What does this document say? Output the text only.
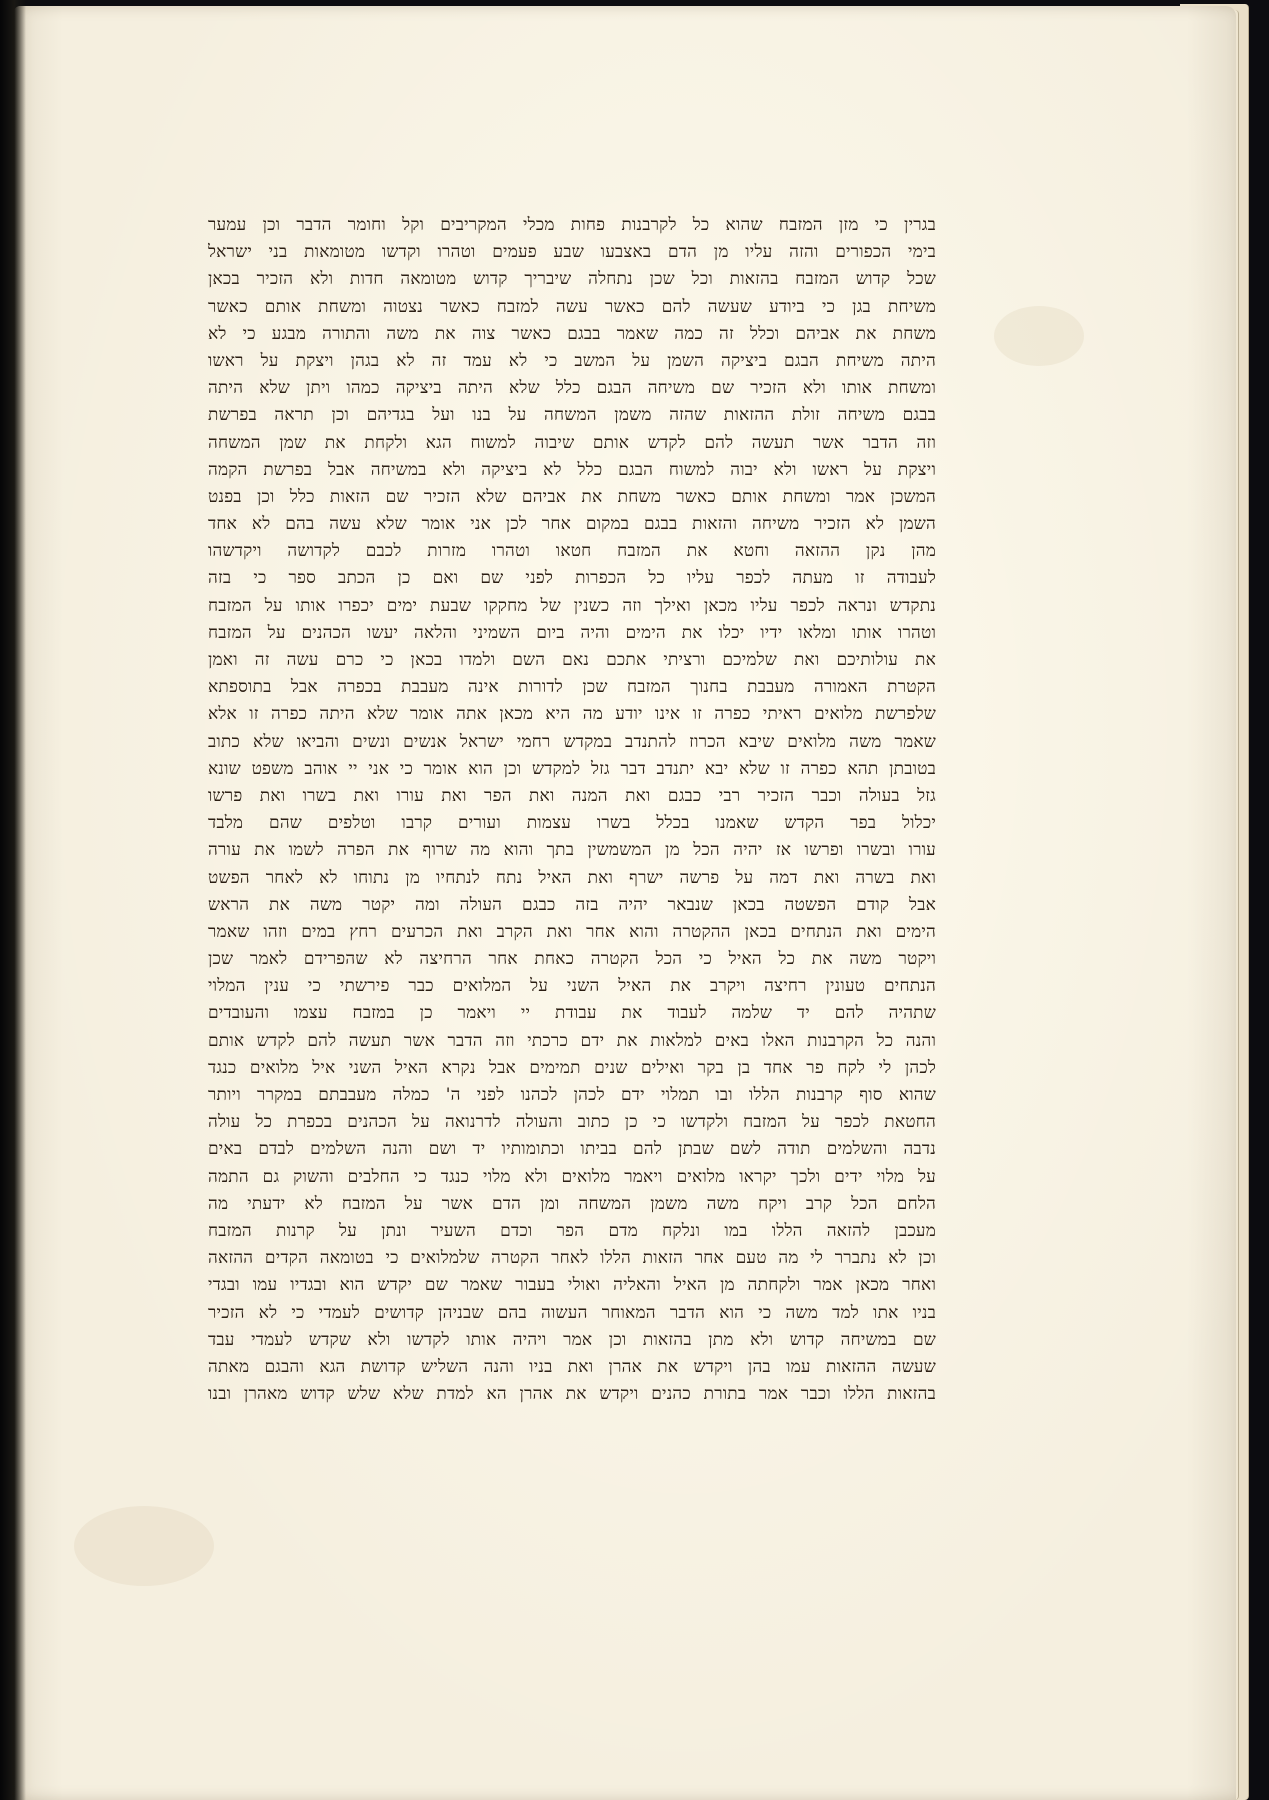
בגרין כי מזן המזבח שהוא כל לקרבנות פחות מכלי המקריבים וקל וחומר הדבר וכן עמער
בימי הכפורים והזה עליו מן הדם באצבעו שבע פעמים וטהרו וקדשו מטומאות בני ישראל
שכל קדוש המזבח בהזאות וכל שכן נתחלה שיבריך קדוש מטומאה חדות ולא הזכיר בכאן
משיחת בגן כי ביודע שעשה להם כאשר עשה למזבח כאשר נצטוה ומשחת אותם כאשר
משחת את אביהם וכלל זה כמה שאמר בבגם כאשר צוה את משה והתורה מבגע כי לא
היתה משיחת הבגם ביציקה השמן על המשב כי לא עמד זה לא בגהן ויצקת על ראשו
ומשחת אותו ולא הזכיר שם משיחה הבגם כלל שלא היתה ביציקה כמהו ויתן שלא היתה
בבגם משיחה זולת ההזאות שהזה משמן המשחה על בנו ועל בגדיהם וכן תראה בפרשת
וזה הדבר אשר תעשה להם לקדש אותם שיבוה למשוח הגא ולקחת את שמן המשחה
ויצקת על ראשו ולא יבוה למשוח הבגם כלל לא ביציקה ולא במשיחה אבל בפרשת הקמה
המשכן אמר ומשחת אותם כאשר משחת את אביהם שלא הזכיר שם הזאות כלל וכן בפנט
השמן לא הזכיר משיחה והזאות בבגם במקום אחר לכן אני אומר שלא עשה בהם לא אחד
מהן נקן ההזאה וחטא את המזבח חטאו וטהרו מזרות לכבם לקדושה ויקדשהו
לעבודה זו מעתה לכפר עליו כל הכפרות לפני שם ואם כן הכתב ספר כי בזה
נתקדש ונראה לכפר עליו מכאן ואילך וזה כשנין של מחקקו שבעת ימים יכפרו אותו על המזבח
וטהרו אותו ומלאו ידיו יכלו את הימים והיה ביום השמיני והלאה יעשו הכהנים על המזבח
את עולותיכם ואת שלמיכם ורציתי אתכם נאם השם ולמדו בכאן כי כרם עשה זה ואמן
הקטרת האמורה מעבבת בחנוך המזבח שכן לדורות אינה מעבבת בכפרה אבל בתוספתא
שלפרשת מלואים ראיתי כפרה זו אינו יודע מה היא מכאן אתה אומר שלא היתה כפרה זו אלא
שאמר משה מלואים שיבא הכרוז להתנדב במקדש רחמי ישראל אנשים ונשים והביאו שלא כתוב
בטובתן תהא כפרה זו שלא יבא יתנדב דבר גזל למקדש וכן הוא אומר כי אני יי אוהב משפט שונא
גזל בעולה וכבר הזכיר רבי כבגם ואת המנה ואת הפר ואת עורו ואת בשרו ואת פרשו
יכלול בפר הקדש שאמנו בכלל בשרו עצמות ועורים קרבו וטלפים שהם מלבד
עורו ובשרו ופרשו אז יהיה הכל מן המשמשין בתך והוא מה שרוף את הפרה לשמו את עורה
ואת בשרה ואת דמה על פרשה ישרף ואת האיל נתח לנתחיו מן נתוחו לא לאחר הפשט
אבל קודם הפשטה בכאן שנבאר יהיה בזה כבגם העולה ומה יקטר משה את הראש
הימים ואת הנתחים בכאן ההקטרה והוא אחר ואת הקרב ואת הכרעים רחץ במים וזהו שאמר
ויקטר משה את כל האיל כי הכל הקטרה כאחת אחר הרחיצה לא שהפרידם לאמר שכן
הנתחים טעונין רחיצה ויקרב את האיל השני על המלואים כבר פירשתי כי ענין המלוי
שתהיה להם יד שלמה לעבוד את עבודת יי ויאמר כן במזבח עצמו והעובדים
והנה כל הקרבנות האלו באים למלאות את ידם כרכתי וזה הדבר אשר תעשה להם לקדש אותם
לכהן לי לקח פר אחד בן בקר ואילים שנים תמימים אבל נקרא האיל השני איל מלואים כנגד
שהוא סוף קרבנות הללו ובו תמלוי ידם לכהן לכהנו לפני ה' כמלה מעבבתם במקרר ויותר
החטאת לכפר על המזבח ולקדשו כי כן כתוב והעולה לדרנואה על הכהנים בכפרת כל עולה
נדבה והשלמים תודה לשם שבתן להם בביתו וכתומותיו יד ושם והנה השלמים לבדם באים
על מלוי ידים ולכך יקראו מלואים ויאמר מלואים ולא מלוי כנגד כי החלבים והשוק גם התמה
הלחם הכל קרב ויקח משה משמן המשחה ומן הדם אשר על המזבח לא ידעתי מה
מעכבן להזאה הללו במו ונלקח מדם הפר וכדם השעיר ונתן על קרנות המזבח
וכן לא נתברר לי מה טעם אחר הזאות הללו לאחר הקטרה שלמלואים כי בטומאה הקדים ההזאה
ואחר מכאן אמר ולקחתה מן האיל והאליה ואולי בעבור שאמר שם יקדש הוא ובגדיו עמו ובגדי
בניו אתו למד משה כי הוא הדבר המאוחר העשוה בהם שבניהן קדושים לעמדי כי לא הזכיר
שם במשיחה קדוש ולא מתן בהזאות וכן אמר ויהיה אותו לקדשו ולא שקדש לעמדי עבד
שעשה ההזאות עמו בהן ויקדש את אהרן ואת בניו והנה השליש קדושת הגא והבגם מאתה
בהזאות הללו וכבר אמר בתורת כהנים ויקדש את אהרן הא למדת שלא שלש קדוש מאהרן ובנו
